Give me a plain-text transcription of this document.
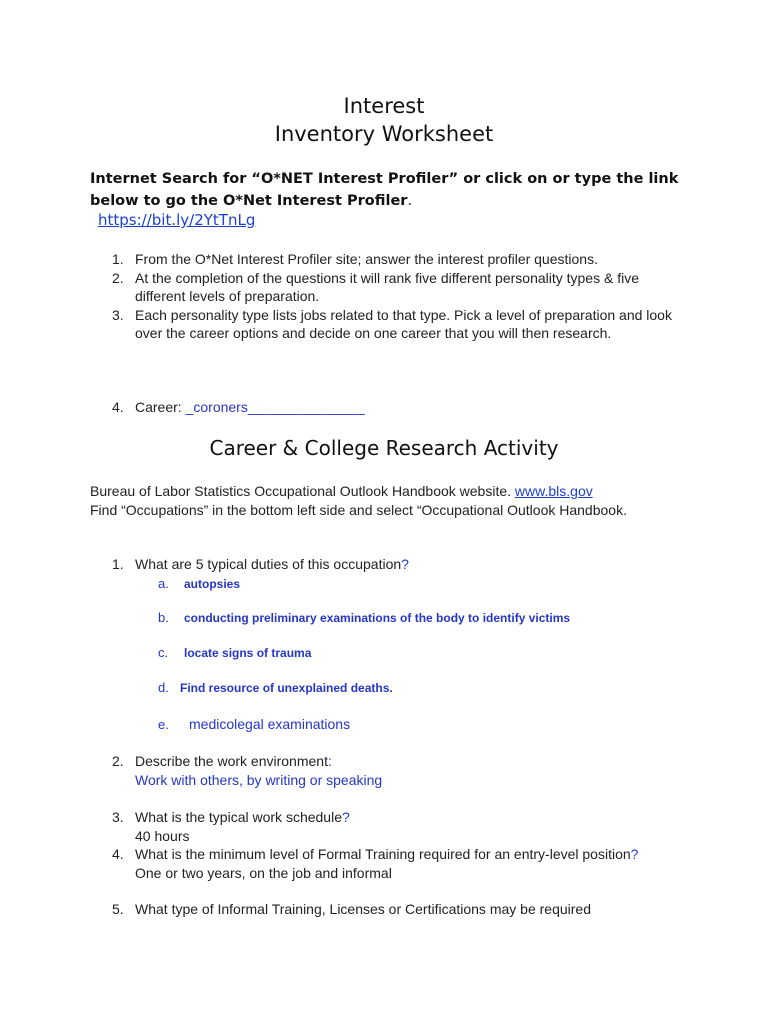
Interest
Inventory Worksheet
Internet Search for “O*NET Interest Profiler” or click on or type the link below to go the O*Net Interest Profiler.
https://bit.ly/2YtTnLg
1. From the O*Net Interest Profiler site; answer the interest profiler questions.
2. At the completion of the questions it will rank five different personality types & five different levels of preparation.
3. Each personality type lists jobs related to that type. Pick a level of preparation and look over the career options and decide on one career that you will then research.
4. Career: _coroners_______________
Career & College Research Activity
Bureau of Labor Statistics Occupational Outlook Handbook website. www.bls.gov
Find “Occupations” in the bottom left side and select “Occupational Outlook Handbook.
1. What are 5 typical duties of this occupation?
a. autopsies
b. conducting preliminary examinations of the body to identify victims
c. locate signs of trauma
d. Find resource of unexplained deaths.
e. medicolegal examinations
2. Describe the work environment:
Work with others, by writing or speaking
3. What is the typical work schedule?
40 hours
4. What is the minimum level of Formal Training required for an entry-level position?
One or two years, on the job and informal
5. What type of Informal Training, Licenses or Certifications may be required
